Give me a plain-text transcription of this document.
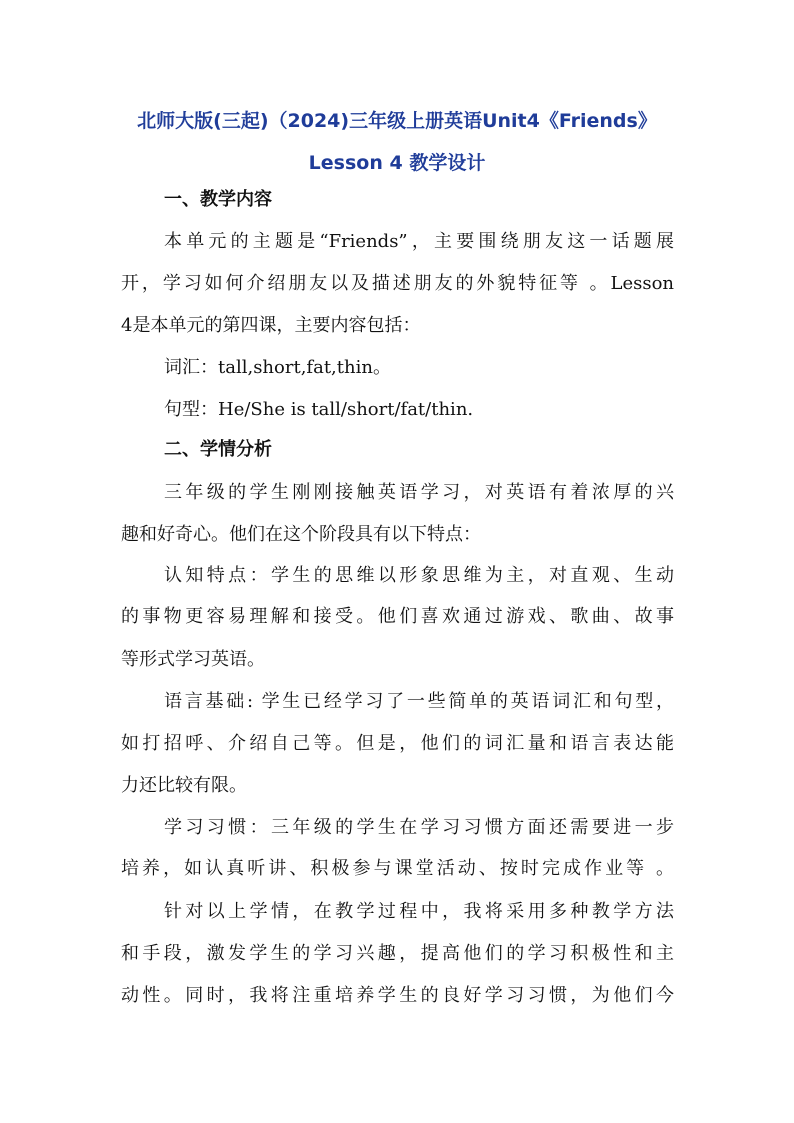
北师大版(三起)（2024)三年级上册英语Unit4《Friends》
Lesson 4 教学设计
一、教学内容
本单元的主题是“Friends”，主要围绕朋友这一话题展
开，学习如何介绍朋友以及描述朋友的外貌特征等 。Lesson
4是本单元的第四课，主要内容包括：
词汇：tall,short,fat,thin。
句型：He/She is tall/short/fat/thin.
二、学情分析
三年级的学生刚刚接触英语学习，对英语有着浓厚的兴
趣和好奇心。他们在这个阶段具有以下特点：
认知特点：学生的思维以形象思维为主，对直观、生动
的事物更容易理解和接受。他们喜欢通过游戏、歌曲、故事
等形式学习英语。
语言基础: 学生已经学习了一些简单的英语词汇和句型，
如打招呼、介绍自己等。但是，他们的词汇量和语言表达能
力还比较有限。
学习习惯：三年级的学生在学习习惯方面还需要进一步
培养，如认真听讲、积极参与课堂活动、按时完成作业等 。
针对以上学情，在教学过程中，我将采用多种教学方法
和手段，激发学生的学习兴趣，提高他们的学习积极性和主
动性。同时，我将注重培养学生的良好学习习惯，为他们今
